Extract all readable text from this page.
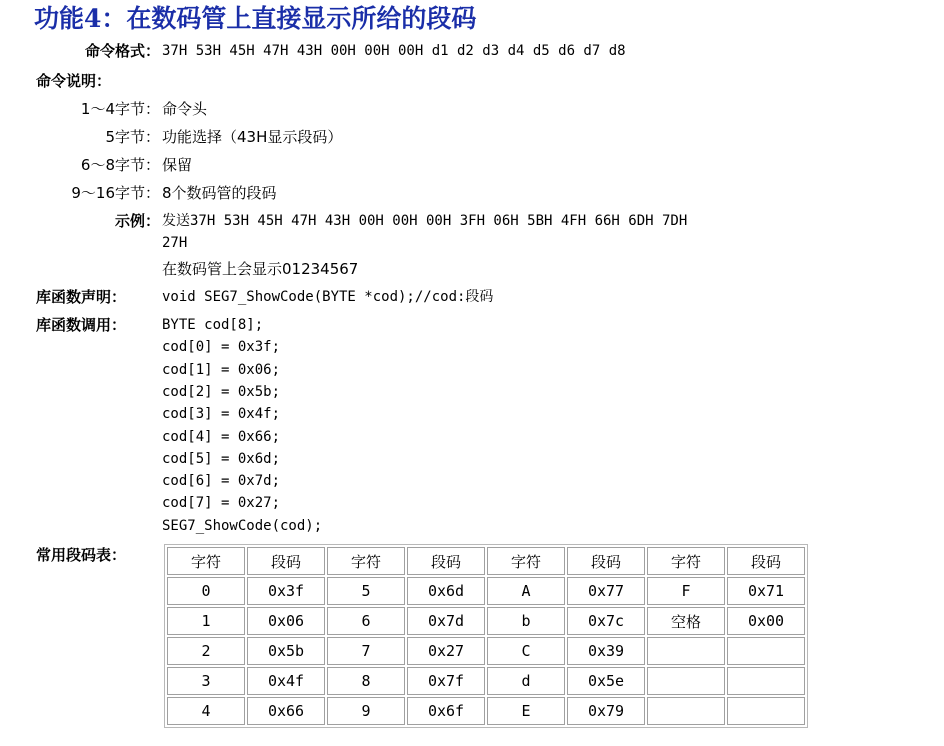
功能4：在数码管上直接显示所给的段码
命令格式： 37H 53H 45H 47H 43H 00H 00H 00H d1 d2 d3 d4 d5 d6 d7 d8
命令说明：
1～4字节： 命令头
5字节： 功能选择（43H显示段码）
6～8字节： 保留
9～16字节： 8个数码管的段码
示例： 发送37H 53H 45H 47H 43H 00H 00H 00H 3FH 06H 5BH 4FH 66H 6DH 7DH
27H
在数码管上会显示01234567
库函数声明：	void SEG7_ShowCode(BYTE *cod);//cod:段码
库函数调用：	BYTE cod[8];
cod[0] = 0x3f;
cod[1] = 0x06;
cod[2] = 0x5b;
cod[3] = 0x4f;
cod[4] = 0x66;
cod[5] = 0x6d;
cod[6] = 0x7d;
cod[7] = 0x27;
SEG7_ShowCode(cod);
常用段码表：	字符	段码	字符	段码	字符	段码	字符	段码
0	0x3f	5	0x6d	A	0x77	F	0x71
1	0x06	6	0x7d	b	0x7c	空格	0x00
2	0x5b	7	0x27	C	0x39		
3	0x4f	8	0x7f	d	0x5e		
4	0x66	9	0x6f	E	0x79		
